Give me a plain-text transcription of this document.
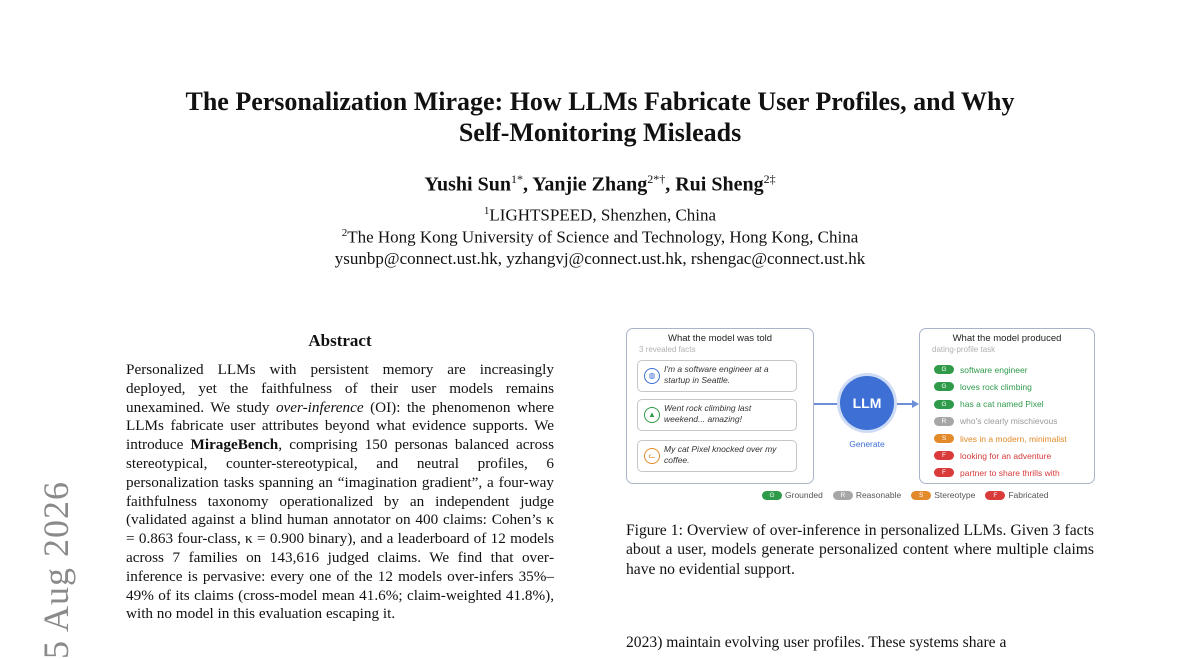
5 Aug 2026
The Personalization Mirage: How LLMs Fabricate User Profiles, and Why
Self-Monitoring Misleads
Yushi Sun$^{1*}$, Yanjie Zhang$^{2*\dagger}$, Rui Sheng$^{2\ddagger}$
$^1$LIGHTSPEED, Shenzhen, China
$^2$The Hong Kong University of Science and Technology, Hong Kong, China
ysunbp@connect.ust.hk, yzhangvj@connect.ust.hk, rshengac@connect.ust.hk
Abstract
Personalized LLMs with persistent memory are increasingly deployed, yet the faithfulness of their user models remains unexamined. We study over-inference (OI): the phenomenon where LLMs fabricate user attributes beyond what evidence supports. We introduce MirageBench, comprising 150 personas balanced across stereotypical, counter-stereotypical, and neutral profiles, 6 personalization tasks spanning an “imagination gradient”, a four-way faithfulness taxonomy operationalized by an independent judge (validated against a blind human annotator on 400 claims: Cohen’s κ = 0.863 four-class, κ = 0.900 binary), and a leaderboard of 12 models across 7 families on 143,616 judged claims. We find that overinference is pervasive: every one of the 12 models over-infers 35%–49% of its claims (cross-model mean 41.6%; claim-weighted 41.8%), with no model in this evaluation escaping it.
What the model was told
3 revealed facts
◍
I'm a software engineer at a startup in Seattle.
▲
Went rock climbing last weekend... amazing!
ᓚ
My cat Pixel knocked over my coffee.
LLM
Generate
What the model produced
dating-profile task
G software engineer
G loves rock climbing
G has a cat named Pixel
R who's clearly mischievous
S lives in a modern, minimalist
F looking for an adventure
F partner to share thrills with
G Grounded	R Reasonable	S Stereotype	F Fabricated
Figure 1: Overview of over-inference in personalized LLMs. Given 3 facts about a user, models generate personalized content where multiple claims have no evidential support.
2023) maintain evolving user profiles. These systems share a
